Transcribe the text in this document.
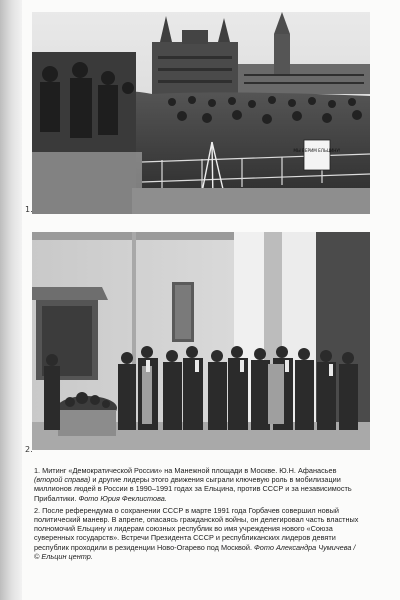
МЫ ВЕРИМ ЕЛЬЦИНУ!
1.
2.

1. Митинг «Демократической России» на Манежной площади в Москве. Ю.Н. Афанасьев (второй справа) и другие лидеры этого движения сыграли ключевую роль в мобилизации миллионов людей в России в 1990–1991 годах за Ельцина, против СССР и за независимость Прибалтики. Фото Юрия Феклистова.

2. После референдума о сохранении СССР в марте 1991 года Горбачев совершил новый политический маневр. В апреле, опасаясь гражданской войны, он делегировал часть властных полномочий Ельцину и лидерам союзных республик во имя учреждения нового «Союза суверенных государств». Встречи Президента СССР и республиканских лидеров девяти республик проходили в резиденции Ново-Огарево под Москвой. Фото Александра Чумичева / © Ельцин центр.
